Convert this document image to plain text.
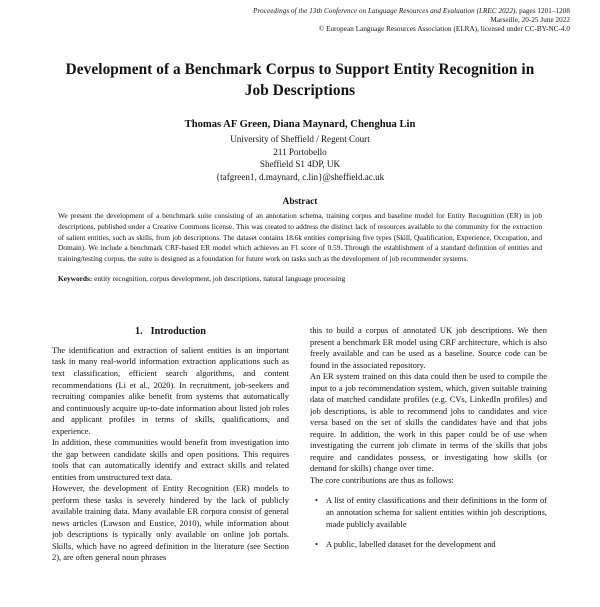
Proceedings of the 13th Conference on Language Resources and Evaluation (LREC 2022), pages 1201–1208
Marseille, 20-25 June 2022
© European Language Resources Association (ELRA), licensed under CC-BY-NC-4.0
Development of a Benchmark Corpus to Support Entity Recognition in Job Descriptions
Thomas AF Green, Diana Maynard, Chenghua Lin
University of Sheffield / Regent Court
211 Portobello
Sheffield S1 4DP, UK
{tafgreen1, d.maynard, c.lin}@sheffield.ac.uk
Abstract

We present the development of a benchmark suite consisting of an annotation schema, training corpus and baseline model for Entity Recognition (ER) in job descriptions, published under a Creative Commons license. This was created to address the distinct lack of resources available to the community for the extraction of salient entities, such as skills, from job descriptions. The dataset contains 18.6k entities comprising five types (Skill, Qualification, Experience, Occupation, and Domain). We include a benchmark CRF-based ER model which achieves an F1 score of 0.59. Through the establishment of a standard definition of entities and training/testing corpus, the suite is designed as a foundation for future work on tasks such as the development of job recommender systems.

Keywords: entity recognition, corpus development, job descriptions, natural language processing
1. Introduction

The identification and extraction of salient entities is an important task in many real-world information extraction applications such as text classification, efficient search algorithms, and content recommendations (Li et al., 2020). In recruitment, job-seekers and recruiting companies alike benefit from systems that automatically and continuously acquire up-to-date information about listed job roles and applicant profiles in terms of skills, qualifications, and experience.

In addition, these communities would benefit from investigation into the gap between candidate skills and open positions. This requires tools that can automatically identify and extract skills and related entities from unstructured text data.

However, the development of Entity Recognition (ER) models to perform these tasks is severely hindered by the lack of publicly available training data. Many available ER corpora consist of general news articles (Lawson and Eustice, 2010), while information about job descriptions is typically only available on online job portals. Skills, which have no agreed definition in the literature (see Section 2), are often general noun phrases

this to build a corpus of annotated UK job descriptions. We then present a benchmark ER model using CRF architecture, which is also freely available and can be used as a baseline. Source code can be found in the associated repository.

An ER system trained on this data could then be used to compile the input to a job recommendation system, which, given suitable training data of matched candidate profiles (e.g. CVs, LinkedIn profiles) and job descriptions, is able to recommend jobs to candidates and vice versa based on the set of skills the candidates have and that jobs require. In addition, the work in this paper could be of use when investigating the current job climate in terms of the skills that jobs require and candidates possess, or investigating how skills (or demand for skills) change over time.

The core contributions are thus as follows:

• A list of entity classifications and their definitions in the form of an annotation schema for salient entities within job descriptions, made publicly available
• A public, labelled dataset for the development and
